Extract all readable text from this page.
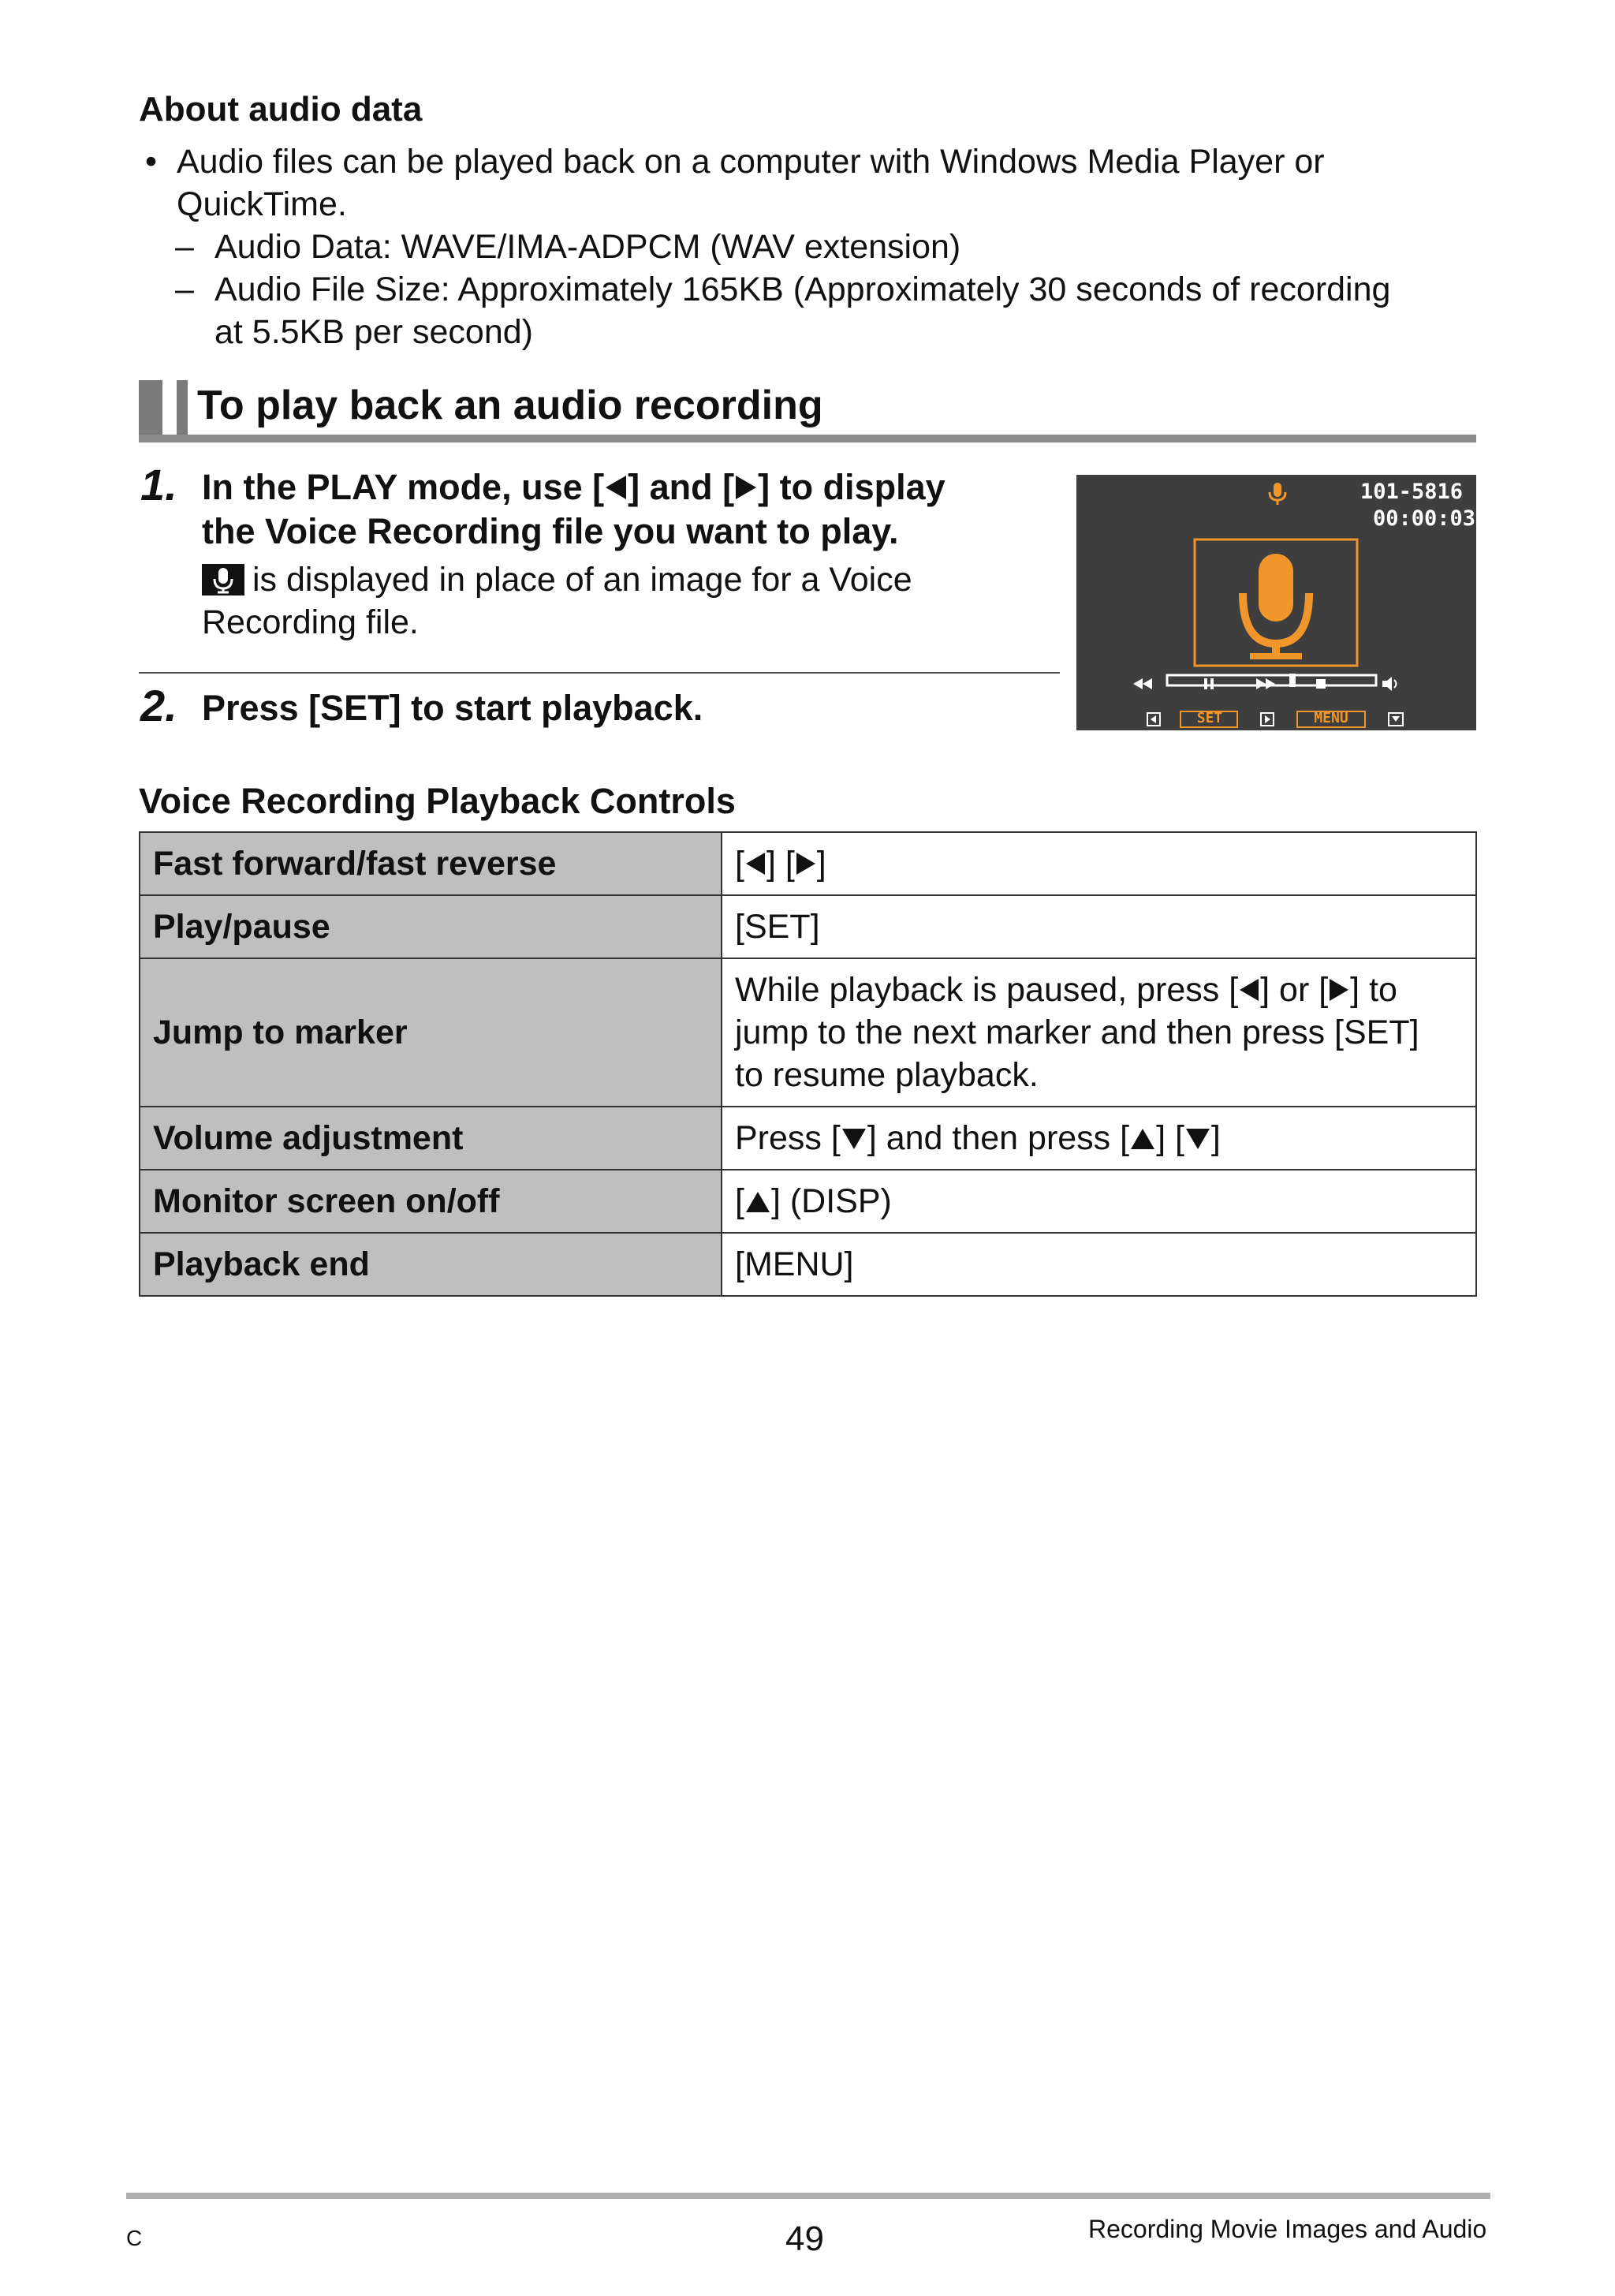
About audio data
• Audio files can be played back on a computer with Windows Media Player or
QuickTime.
– Audio Data: WAVE/IMA-ADPCM (WAV extension)
– Audio File Size: Approximately 165KB (Approximately 30 seconds of recording
at 5.5KB per second)
To play back an audio recording
1. In the PLAY mode, use [ ] and [ ] to display
the Voice Recording file you want to play.
is displayed in place of an image for a Voice
Recording file.
2. Press [SET] to start playback.
101-5816
00:00:03
SET	MENU
Voice Recording Playback Controls
Fast forward/fast reverse	[ ] [ ]
Play/pause	[SET]
Jump to marker	While playback is paused, press [ ] or [ ] to
jump to the next marker and then press [SET]
to resume playback.

Volume adjustment	Press [ ] and then press [ ] [ ]
Monitor screen on/off	[ ] (DISP)
Playback end	[MENU]
C	49	Recording Movie Images and Audio
